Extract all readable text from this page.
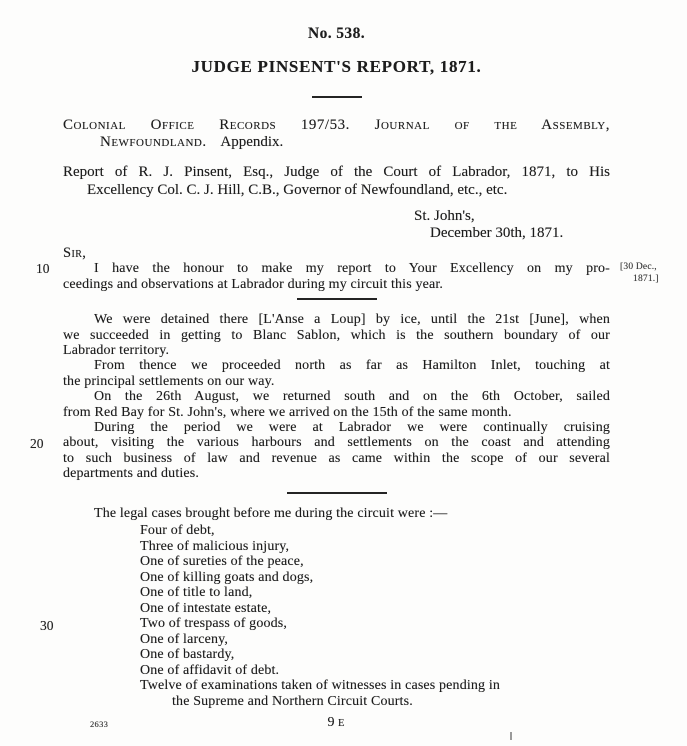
No. 538.
JUDGE PINSENT'S REPORT, 1871.
Colonial Office Records 197/53. Journal of the Assembly,
Newfoundland. Appendix.
Report of R. J. Pinsent, Esq., Judge of the Court of Labrador, 1871, to His
Excellency Col. C. J. Hill, C.B., Governor of Newfoundland, etc., etc.
St. John's,
December 30th, 1871.
Sir,
I have the honour to make my report to Your Excellency on my pro-
ceedings and observations at Labrador during my circuit this year.
We were detained there [L'Anse a Loup] by ice, until the 21st [June], when
we succeeded in getting to Blanc Sablon, which is the southern boundary of our
Labrador territory.
From thence we proceeded north as far as Hamilton Inlet, touching at
the principal settlements on our way.
On the 26th August, we returned south and on the 6th October, sailed
from Red Bay for St. John's, where we arrived on the 15th of the same month.
During the period we were at Labrador we were continually cruising
about, visiting the various harbours and settlements on the coast and attending
to such business of law and revenue as came within the scope of our several
departments and duties.
The legal cases brought before me during the circuit were :—
Four of debt,
Three of malicious injury,
One of sureties of the peace,
One of killing goats and dogs,
One of title to land,
One of intestate estate,
Two of trespass of goods,
One of larceny,
One of bastardy,
One of affidavit of debt.
Twelve of examinations taken of witnesses in cases pending in
the Supreme and Northern Circuit Courts.
9 E
10
20
30
[30 Dec.,
1871.]
2633
